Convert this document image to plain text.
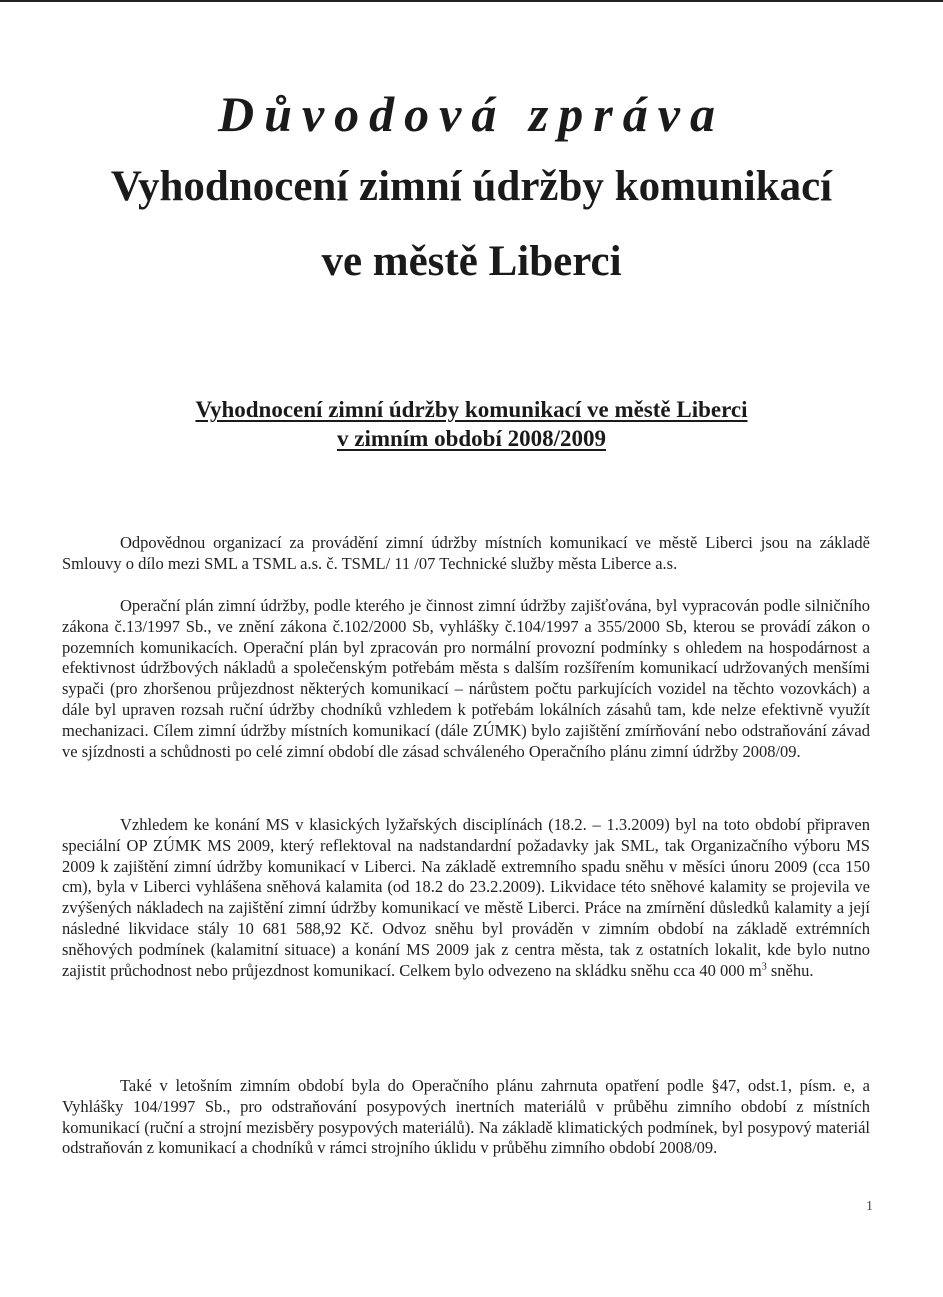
Důvodová zpráva
Vyhodnocení zimní údržby komunikací
ve městě Liberci
Vyhodnocení zimní údržby komunikací ve městě Liberci
v zimním období 2008/2009

Odpovědnou organizací za provádění zimní údržby místních komunikací ve městě Liberci jsou na základě Smlouvy o dílo mezi SML a TSML a.s. č. TSML/ 11 /07 Technické služby města Liberce a.s.

Operační plán zimní údržby, podle kterého je činnost zimní údržby zajišťována, byl vypracován podle silničního zákona č.13/1997 Sb., ve znění zákona č.102/2000 Sb, vyhlášky č.104/1997 a 355/2000 Sb, kterou se provádí zákon o pozemních komunikacích. Operační plán byl zpracován pro normální provozní podmínky s ohledem na hospodárnost a efektivnost údržbových nákladů a společenským potřebám města s dalším rozšířením komunikací udržovaných menšími sypači (pro zhoršenou průjezdnost některých komunikací – nárůstem počtu parkujících vozidel na těchto vozovkách) a dále byl upraven rozsah ruční údržby chodníků vzhledem k potřebám lokálních zásahů tam, kde nelze efektivně využít mechanizaci. Cílem zimní údržby místních komunikací (dále ZÚMK) bylo zajištění zmírňování nebo odstraňování závad ve sjízdnosti a schůdnosti po celé zimní období dle zásad schváleného Operačního plánu zimní údržby 2008/09.

Vzhledem ke konání MS v klasických lyžařských disciplínách (18.2. – 1.3.2009) byl na toto období připraven speciální OP ZÚMK MS 2009, který reflektoval na nadstandardní požadavky jak SML, tak Organizačního výboru MS 2009 k zajištění zimní údržby komunikací v Liberci. Na základě extremního spadu sněhu v měsíci únoru 2009 (cca 150 cm), byla v Liberci vyhlášena sněhová kalamita (od 18.2 do 23.2.2009). Likvidace této sněhové kalamity se projevila ve zvýšených nákladech na zajištění zimní údržby komunikací ve městě Liberci. Práce na zmírnění důsledků kalamity a její následné likvidace stály 10 681 588,92 Kč. Odvoz sněhu byl prováděn v zimním období na základě extrémních sněhových podmínek (kalamitní situace) a konání MS 2009 jak z centra města, tak z ostatních lokalit, kde bylo nutno zajistit průchodnost nebo průjezdnost komunikací. Celkem bylo odvezeno na skládku sněhu cca 40 000 $m^3$ sněhu.

Také v letošním zimním období byla do Operačního plánu zahrnuta opatření podle §47, odst.1, písm. e, a Vyhlášky 104/1997 Sb., pro odstraňování posypových inertních materiálů v průběhu zimního období z místních komunikací (ruční a strojní mezisběry posypových materiálů). Na základě klimatických podmínek, byl posypový materiál odstraňován z komunikací a chodníků v rámci strojního úklidu v průběhu zimního období 2008/09.

1
